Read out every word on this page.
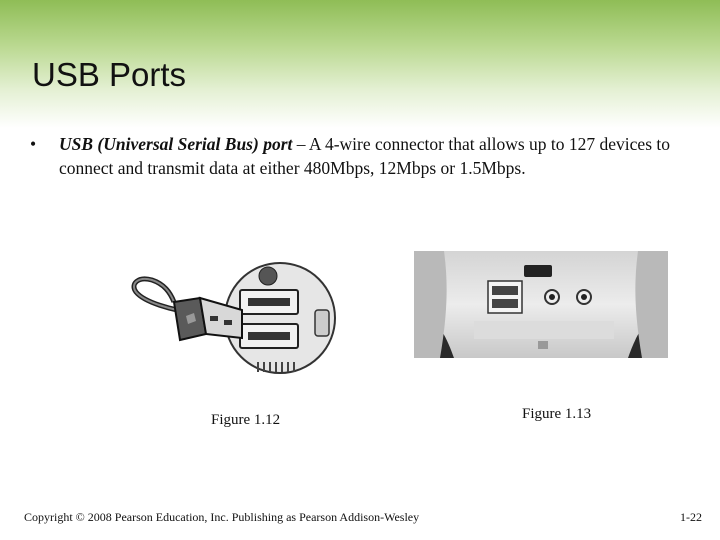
USB Ports
• USB (Universal Serial Bus) port – A 4-wire connector that allows up to 127 devices to connect and transmit data at either 480Mbps, 12Mbps or 1.5Mbps.
Figure 1.12	Figure 1.13
Copyright © 2008 Pearson Education, Inc. Publishing as Pearson Addison-Wesley	1-22
